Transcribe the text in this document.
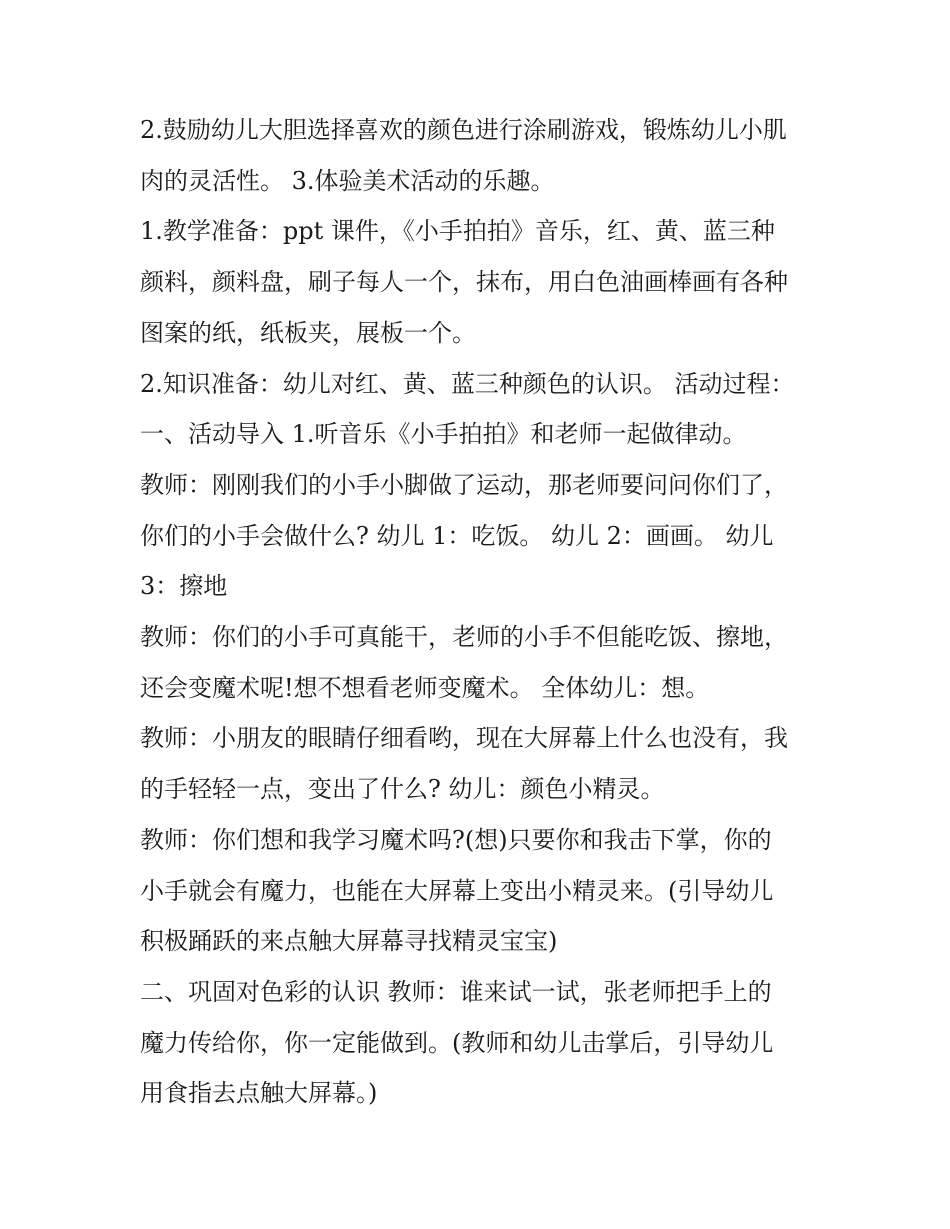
2.鼓励幼儿大胆选择喜欢的颜色进行涂刷游戏，锻炼幼儿小肌

肉的灵活性。 3.体验美术活动的乐趣。

1.教学准备：ppt 课件，《小手拍拍》音乐，红、黄、蓝三种

颜料，颜料盘，刷子每人一个，抹布，用白色油画棒画有各种

图案的纸，纸板夹，展板一个。

2.知识准备：幼儿对红、黄、蓝三种颜色的认识。 活动过程：

一、活动导入 1.听音乐《小手拍拍》和老师一起做律动。

教师：刚刚我们的小手小脚做了运动，那老师要问问你们了，

你们的小手会做什么? 幼儿 1：吃饭。 幼儿 2：画画。 幼儿

3：擦地

教师：你们的小手可真能干，老师的小手不但能吃饭、擦地，

还会变魔术呢!想不想看老师变魔术。 全体幼儿：想。

教师：小朋友的眼睛仔细看哟，现在大屏幕上什么也没有，我

的手轻轻一点，变出了什么? 幼儿：颜色小精灵。

教师：你们想和我学习魔术吗?(想)只要你和我击下掌，你的

小手就会有魔力，也能在大屏幕上变出小精灵来。(引导幼儿

积极踊跃的来点触大屏幕寻找精灵宝宝)

二、巩固对色彩的认识 教师：谁来试一试，张老师把手上的

魔力传给你，你一定能做到。(教师和幼儿击掌后，引导幼儿

用食指去点触大屏幕。)
